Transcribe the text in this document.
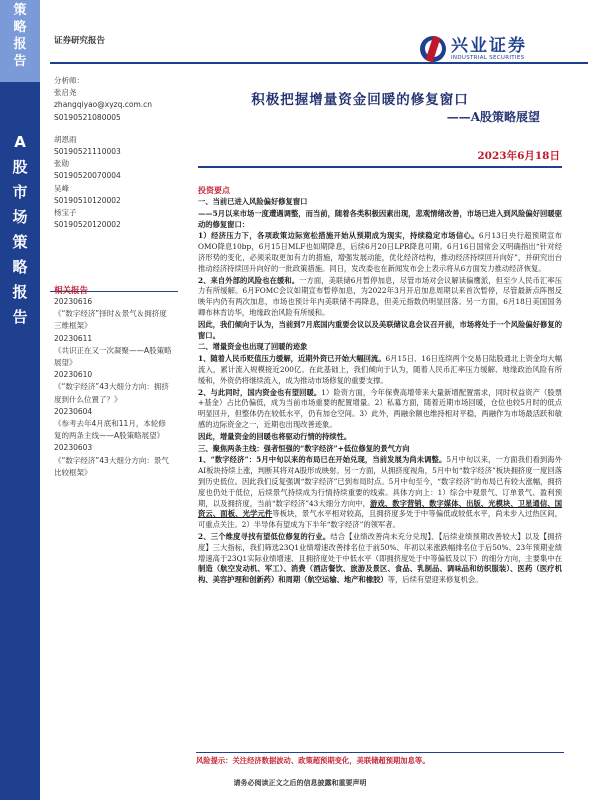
策
略
报
告
A
股
市
场
策
略
报
告
证券研究报告	兴业证券
INDUSTRIAL SECURITIES
分析师：
张启尧
zhangqiyao@xyzq.com.cn
S0190521080005
胡恩雨
S0190521110003
张勋
S0190520070004
吴峰
S0190510120002
杨宝子
S0190520120002
相关报告
20230616
《“数字经济”择时＆景气＆拥挤度三维框架》
20230611
《共识正在又一次凝聚——A股策略展望》
20230610
《“数字经济”43大细分方向：拥挤度到什么位置了？》
20230604
《参考去年4月底和11月，本轮修复的两条主线——A股策略展望》
20230603
《“数字经济”43大细分方向：景气比较框架》
积极把握增量资金回暖的修复窗口
——A股策略展望
2023年6月18日

投资要点

一、当前已进入风险偏好修复窗口

——5月以来市场一度遭遇调整，而当前，随着各类积极因素出现，悲观情绪改善，市场已进入到风险偏好回暖驱动的修复窗口：

1）经济压力下，各项政策边际宽松措施开始从预期成为现实，持续稳定市场信心。6月13日央行超预期宣布OMO降息10bp，6月15日MLF也如期降息，后续6月20日LPR降息可期。6月16日国常会又明确指出“针对经济形势的变化，必须采取更加有力的措施，增强发展动能，优化经济结构，推动经济持续回升向好”，并研究出台推动经济持续回升向好的一批政策措施。同日，发改委也在新闻发布会上表示将从6方面发力推动经济恢复。

2、来自外部的风险也在缓和。一方面，美联储6月暂停加息，尽管市场对会议解读偏鹰派，但至少人民币汇率压力有所缓解。6月FOMC会议如期宣布暂停加息，为2022年3月开启加息周期以来首次暂停，尽管最新点阵图反映年内仍有两次加息，市场也预计年内美联储不再降息，但美元指数仍明显回落。另一方面，6月18日美国国务卿布林肯访华，地缘政治风险有所缓和。

因此，我们倾向于认为，当前到7月底国内重要会议以及美联储议息会议召开前，市场将处于一个风险偏好修复的窗口。

二、增量资金也出现了回暖的迹象

1、随着人民币贬值压力缓解，近期外资已开始大幅回流。6月15日、16日连续两个交易日陆股通北上资金均大幅流入，累计流入规模接近200亿。在此基础上，我们倾向于认为，随着人民币汇率压力缓解、地缘政治风险有所缓和，外资仍将继续流入，成为推动市场修复的重要支撑。

2、与此同时，国内资金也有望回暖。1）险资方面，今年保费高增带来大量新增配置需求，同时权益资产（股票+基金）占比仍偏低，成为当前市场重要的配置增量。2）私募方面，随着近期市场回暖，仓位也较5月时的低点明显回升，但整体仍在较低水平，仍有加仓空间。3）此外，两融余额也维持相对平稳，两融作为市场最活跃和敏感的边际资金之一，近期也出现改善迹象。

因此，增量资金的回暖也将驱动行情的持续性。

三、聚焦两条主线：强者恒强的“数字经济”+低位修复的景气方向

1、“数字经济”：5月中旬以来的布局已在开始兑现，当前发展为尚未调整。5月中旬以来，一方面我们看到海外AI板块持续上涨，判断其将对A股形成映射。另一方面，从拥挤度视角，5月中旬“数字经济”板块拥挤度一度回落到历史低位。因此我们反复强调“数字经济”已到布局时点。5月中旬至今，“数字经济”的布局已有较大涨幅，拥挤度也仍处于低位，后续景气持续成为行情持续重要的线索。具体方向上：1）综合中观景气、订单景气、盈利预期，以及拥挤度，当前“数字经济”43大细分方向中，游戏、数字营销、数字媒体、出版、光模块、卫星通信、国资云、面板、光学元件等板块，景气水平相对较高，且拥挤度多处于中等偏低或较低水平，尚未步入过热区间，可重点关注。2）半导体有望成为下半年“数字经济”的领军者。

2、三个维度寻找有望低位修复的行业。结合【业绩改善尚未充分兑现】、【后续业绩预期改善较大】以及【拥挤度】三大指标，我们筛选23Q1业绩增速改善排名位于前50%、年初以来涨跌幅排名位于后50%、23年预期业绩增速高于23Q1实际业绩增速、且拥挤度处于中低水平（即拥挤度处于中等偏低及以下）的细分方向，主要集中在制造（航空发动机、军工）、消费（酒店餐饮、旅游及景区、食品、乳制品、调味品和纺织服装）、医药（医疗机构、美容护理和创新药）和周期（航空运输、地产和橡胶）等，后续有望迎来修复机会。

风险提示：关注经济数据波动、政策超预期变化，美联储超预期加息等。
请务必阅读正文之后的信息披露和重要声明
